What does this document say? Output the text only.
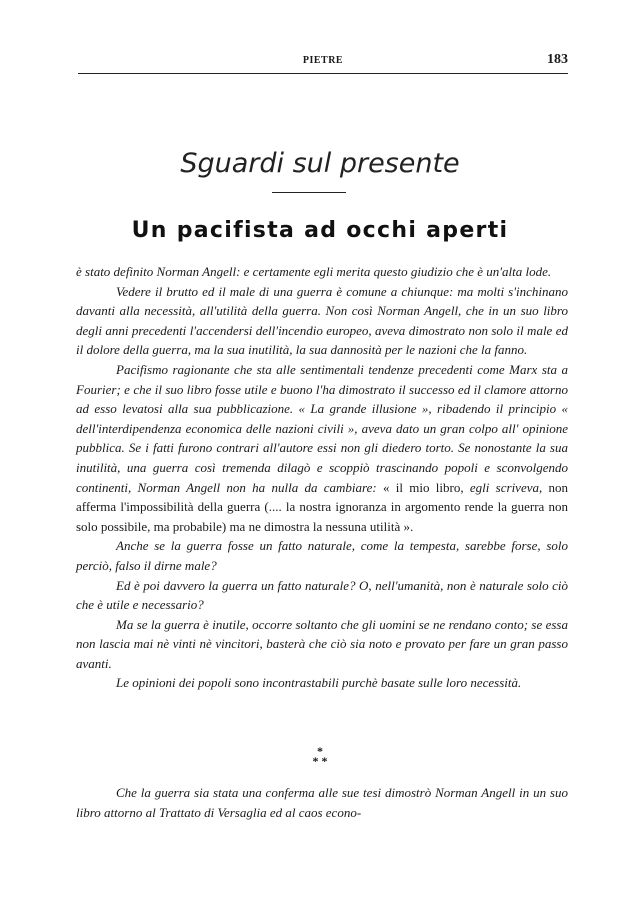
PIETRE	183
Sguardi sul presente
Un pacifista ad occhi aperti

è stato definito Norman Angell: e certamente egli merita questo giudizio che è un'alta lode.

Vedere il brutto ed il male di una guerra è comune a chiunque: ma molti s'inchinano davanti alla necessità, all'utilità della guerra. Non così Norman Angell, che in un suo libro degli anni precedenti l'accendersi dell'incendio europeo, aveva dimostrato non solo il male ed il dolore della guerra, ma la sua inutilità, la sua dannosità per le nazioni che la fanno.

Pacifismo ragionante che sta alle sentimentali tendenze precedenti come Marx sta a Fourier; e che il suo libro fosse utile e buono l'ha dimostrato il successo ed il clamore attorno ad esso levatosi alla sua pubblicazione. « La grande illusione », ribadendo il principio « dell'interdipendenza economica delle nazioni civili », aveva dato un gran colpo all' opinione pubblica. Se i fatti furono contrari all'autore essi non gli diedero torto. Se nonostante la sua inutilità, una guerra così tremenda dilagò e scoppiò trascinando popoli e sconvolgendo continenti, Norman Angell non ha nulla da cambiare: « il mio libro, egli scriveva, non afferma l'impossibilità della guerra (.... la nostra ignoranza in argomento rende la guerra non solo possibile, ma probabile) ma ne dimostra la nessuna utilità ».

Anche se la guerra fosse un fatto naturale, come la tempesta, sarebbe forse, solo perciò, falso il dirne male?

Ed è poi davvero la guerra un fatto naturale? O, nell'umanità, non è naturale solo ciò che è utile e necessario?

Ma se la guerra è inutile, occorre soltanto che gli uomini se ne rendano conto; se essa non lascia mai nè vinti nè vincitori, basterà che ciò sia noto e provato per fare un gran passo avanti.

Le opinioni dei popoli sono incontrastabili purchè basate sulle loro necessità.

*
* *

Che la guerra sia stata una conferma alle sue tesi dimostrò Norman Angell in un suo libro attorno al Trattato di Versaglia ed al caos econo-
